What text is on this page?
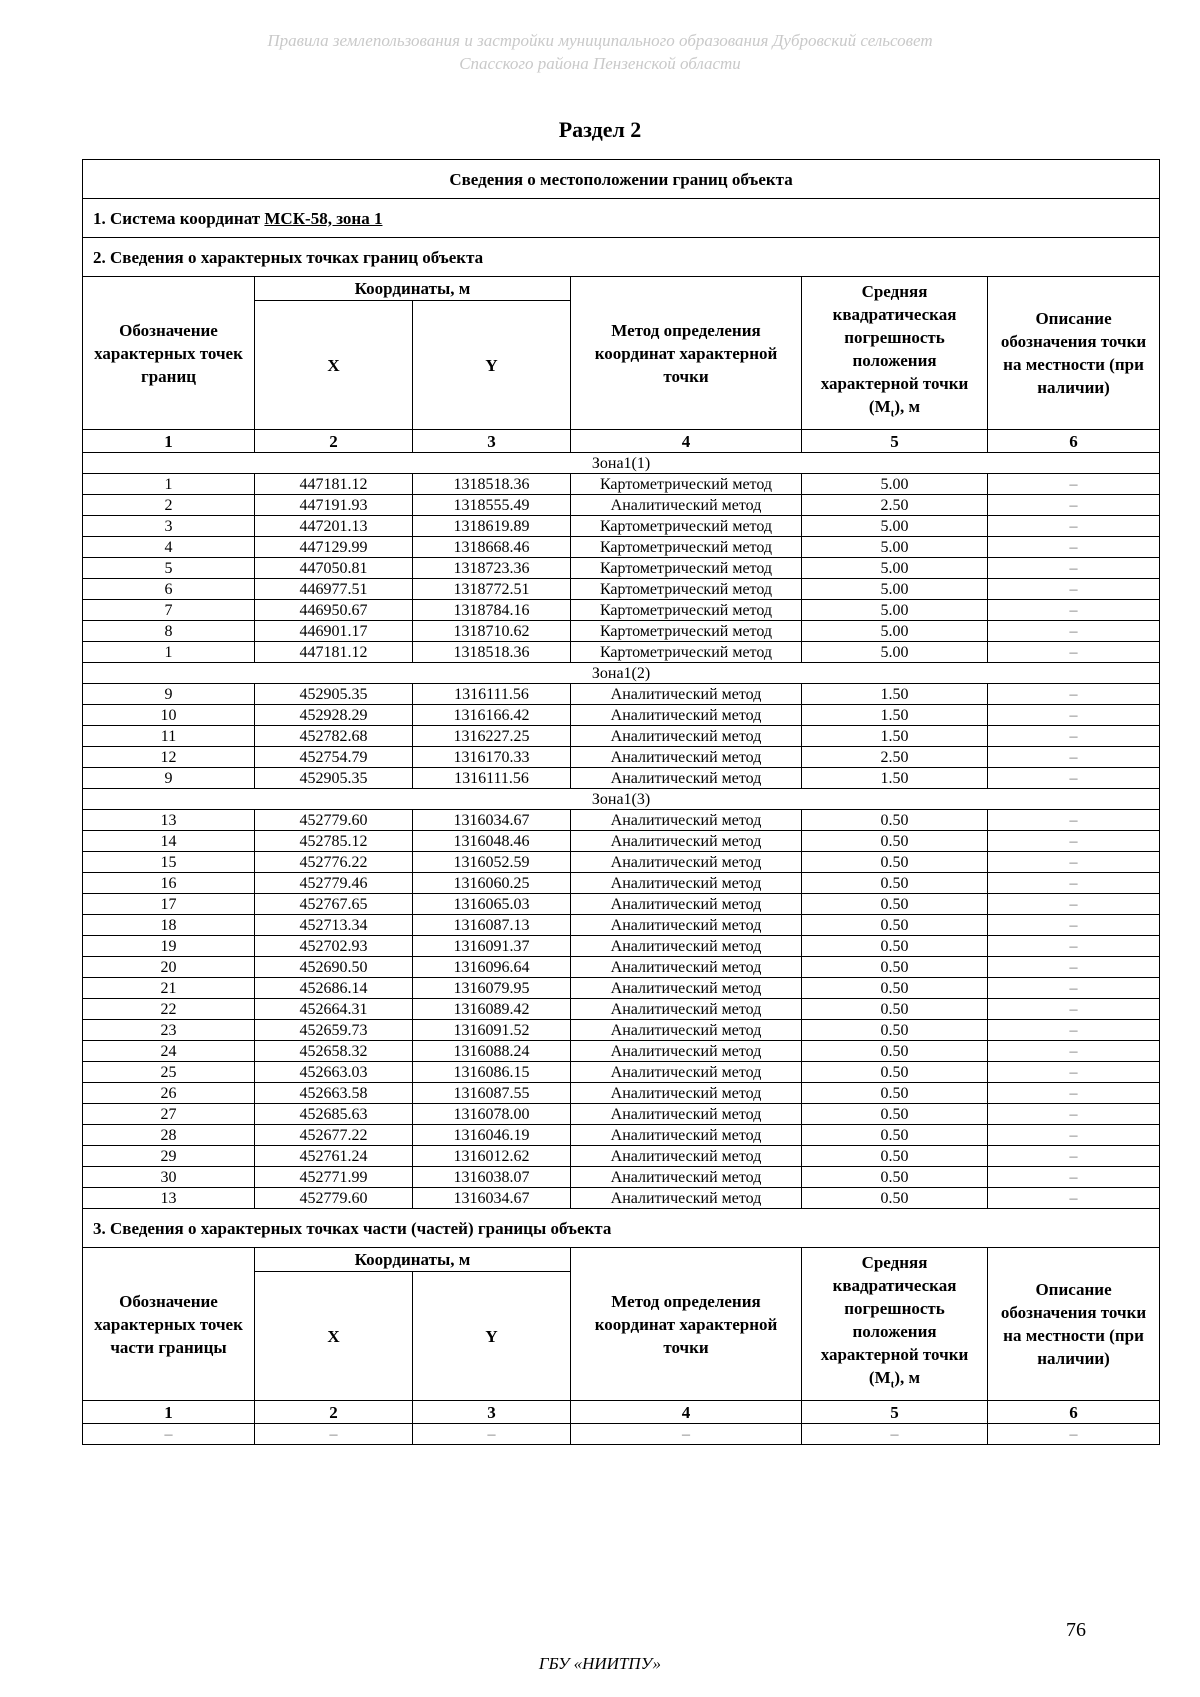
Правила землепользования и застройки муниципального образования Дубровский сельсовет
Спасского района Пензенской области
Раздел 2
Сведения о местоположении границ объекта					
1. Система координат МСК-58, зона 1					
2. Сведения о характерных точках границ объекта					
Обозначение характерных точек границ	Координаты, м		Метод определения координат характерной точки	Средняя квадратическая погрешность положения характерной точки $(M_t)$, м	Описание обозначения точки на местности (при наличии)
	X	Y			
1	2	3	4	5	6
Зона1(1)					
1	447181.12	1318518.36	Картометрический метод	5.00	–
2	447191.93	1318555.49	Аналитический метод	2.50	–
3	447201.13	1318619.89	Картометрический метод	5.00	–
4	447129.99	1318668.46	Картометрический метод	5.00	–
5	447050.81	1318723.36	Картометрический метод	5.00	–
6	446977.51	1318772.51	Картометрический метод	5.00	–
7	446950.67	1318784.16	Картометрический метод	5.00	–
8	446901.17	1318710.62	Картометрический метод	5.00	–
1	447181.12	1318518.36	Картометрический метод	5.00	–
Зона1(2)					
9	452905.35	1316111.56	Аналитический метод	1.50	–
10	452928.29	1316166.42	Аналитический метод	1.50	–
11	452782.68	1316227.25	Аналитический метод	1.50	–
12	452754.79	1316170.33	Аналитический метод	2.50	–
9	452905.35	1316111.56	Аналитический метод	1.50	–
Зона1(3)					
13	452779.60	1316034.67	Аналитический метод	0.50	–
14	452785.12	1316048.46	Аналитический метод	0.50	–
15	452776.22	1316052.59	Аналитический метод	0.50	–
16	452779.46	1316060.25	Аналитический метод	0.50	–
17	452767.65	1316065.03	Аналитический метод	0.50	–
18	452713.34	1316087.13	Аналитический метод	0.50	–
19	452702.93	1316091.37	Аналитический метод	0.50	–
20	452690.50	1316096.64	Аналитический метод	0.50	–
21	452686.14	1316079.95	Аналитический метод	0.50	–
22	452664.31	1316089.42	Аналитический метод	0.50	–
23	452659.73	1316091.52	Аналитический метод	0.50	–
24	452658.32	1316088.24	Аналитический метод	0.50	–
25	452663.03	1316086.15	Аналитический метод	0.50	–
26	452663.58	1316087.55	Аналитический метод	0.50	–
27	452685.63	1316078.00	Аналитический метод	0.50	–
28	452677.22	1316046.19	Аналитический метод	0.50	–
29	452761.24	1316012.62	Аналитический метод	0.50	–
30	452771.99	1316038.07	Аналитический метод	0.50	–
13	452779.60	1316034.67	Аналитический метод	0.50	–
3. Сведения о характерных точках части (частей) границы объекта					
Обозначение характерных точек части границы	Координаты, м		Метод определения координат характерной точки	Средняя квадратическая погрешность положения характерной точки $(M_t)$, м	Описание обозначения точки на местности (при наличии)
	X	Y			
1	2	3	4	5	6
–	–	–	–	–	–
76
ГБУ «НИИТПУ»
